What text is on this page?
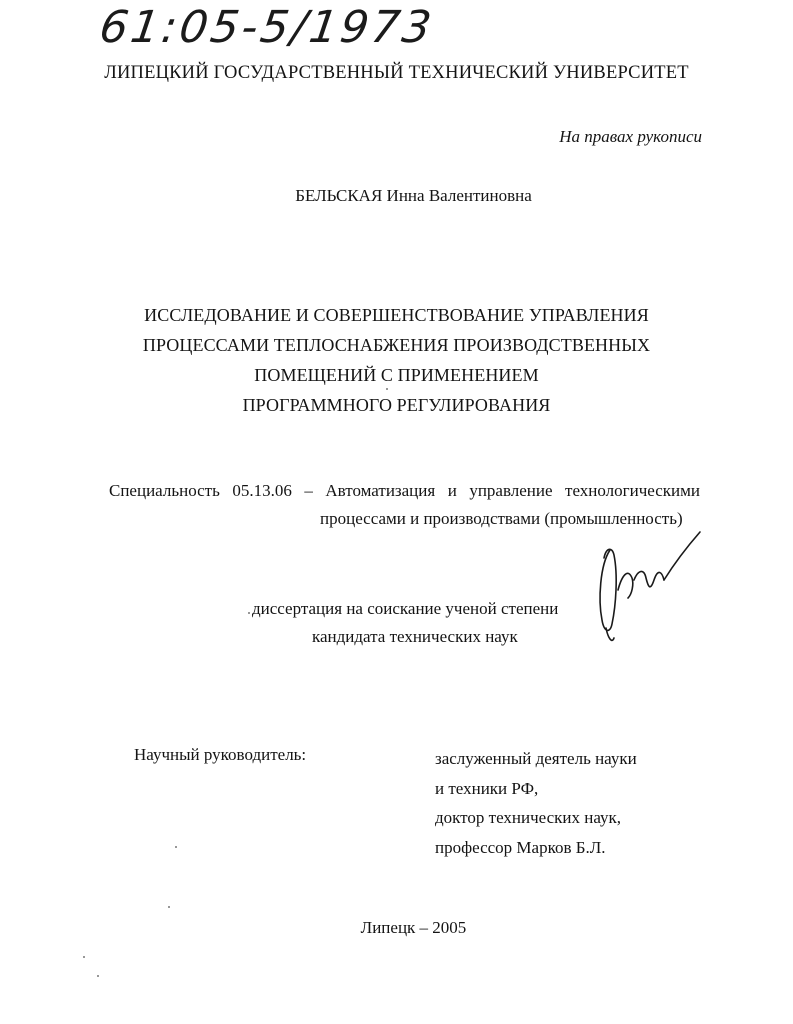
61:05-5/1973
ЛИПЕЦКИЙ ГОСУДАРСТВЕННЫЙ ТЕХНИЧЕСКИЙ УНИВЕРСИТЕТ
На правах рукописи
БЕЛЬСКАЯ Инна Валентиновна
ИССЛЕДОВАНИЕ И СОВЕРШЕНСТВОВАНИЕ УПРАВЛЕНИЯ
ПРОЦЕССАМИ ТЕПЛОСНАБЖЕНИЯ ПРОИЗВОДСТВЕННЫХ
ПОМЕЩЕНИЙ С ПРИМЕНЕНИЕМ
ПРОГРАММНОГО РЕГУЛИРОВАНИЯ
Специальность 05.13.06 – Автоматизация и управление технологическими
процессами и производствами (промышленность)
диссертация на соискание ученой степени
кандидата технических наук
Научный руководитель:	заслуженный деятель науки
и техники РФ,
доктор технических наук,
профессор Марков Б.Л.
Липецк – 2005
